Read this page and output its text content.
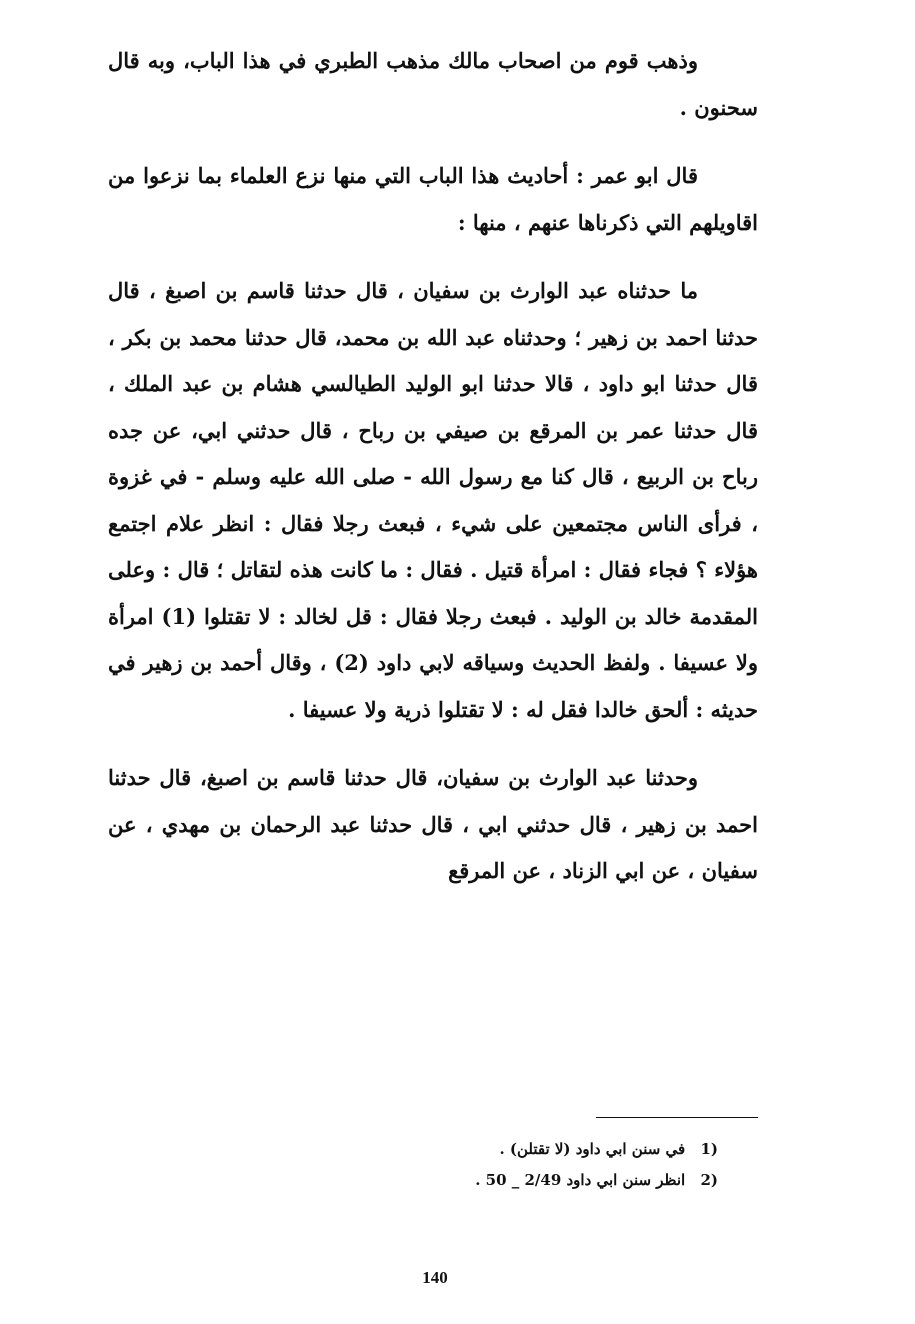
وذهب قوم من اصحاب مالك مذهب الطبري في هذا الباب، وبه قال سحنون .

قال ابو عمر : أحاديث هذا الباب التي منها نزع العلماء بما نزعوا من اقاويلهم التي ذكرناها عنهم ، منها :

ما حدثناه عبد الوارث بن سفيان ، قال حدثنا قاسم بن اصبغ ، قال حدثنا احمد بن زهير ؛ وحدثناه عبد الله بن محمد، قال حدثنا محمد بن بكر ، قال حدثنا ابو داود ، قالا حدثنا ابو الوليد الطيالسي هشام بن عبد الملك ، قال حدثنا عمر بن المرقع بن صيفي بن رباح ، قال حدثني ابي، عن جده رباح بن الربيع ، قال كنا مع رسول الله - صلى الله عليه وسلم - في غزوة ، فرأى الناس مجتمعين على شيء ، فبعث رجلا فقال : انظر علام اجتمع هؤلاء ؟ فجاء فقال : امرأة قتيل . فقال : ما كانت هذه لتقاتل ؛ قال : وعلى المقدمة خالد بن الوليد . فبعث رجلا فقال : قل لخالد : لا تقتلوا (1) امرأة ولا عسيفا . ولفظ الحديث وسياقه لابي داود (2) ، وقال أحمد بن زهير في حديثه : ألحق خالدا فقل له : لا تقتلوا ذرية ولا عسيفا .

وحدثنا عبد الوارث بن سفيان، قال حدثنا قاسم بن اصبغ، قال حدثنا احمد بن زهير ، قال حدثني ابي ، قال حدثنا عبد الرحمان بن مهدي ، عن سفيان ، عن ابي الزناد ، عن المرقع

(1 في سنن ابي داود (لا تقتلن) .
(2 انظر سنن ابي داود 2/49 _ 50 .
140
